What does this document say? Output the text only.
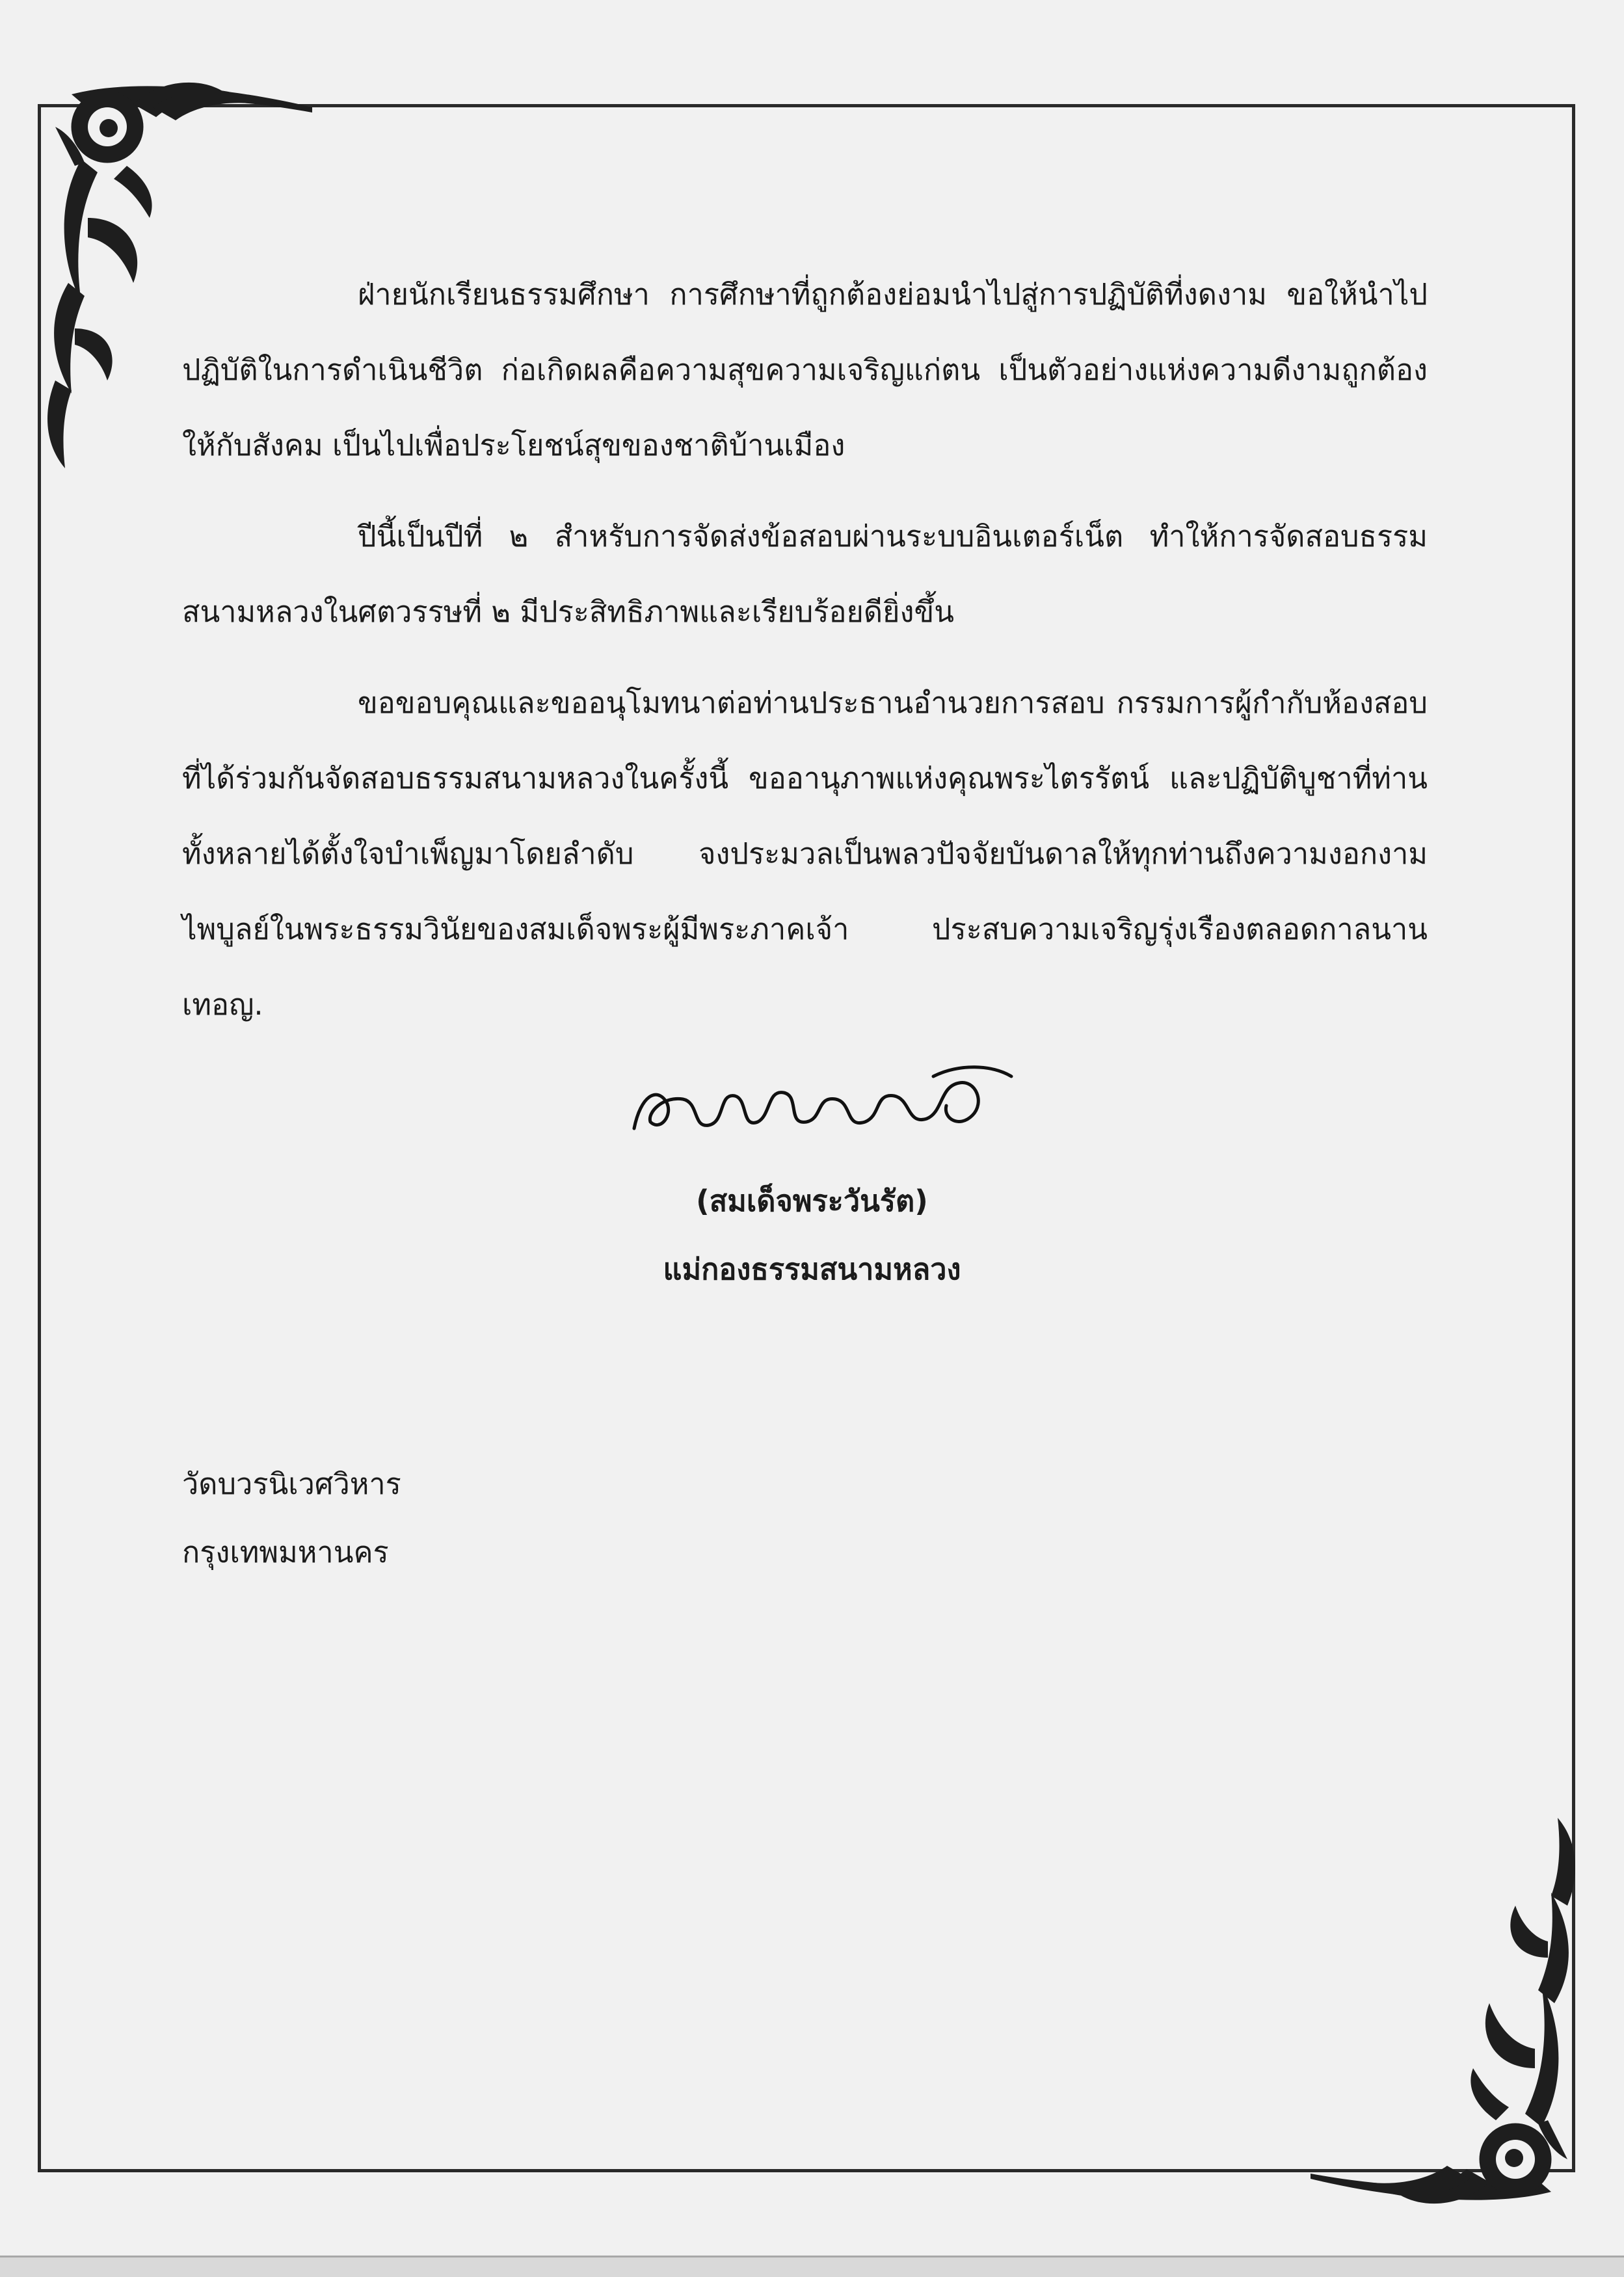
ฝ่ายนักเรียนธรรมศึกษา การศึกษาที่ถูกต้องย่อมนำไปสู่การปฏิบัติที่งดงาม ขอให้นำไปปฏิบัติในการดำเนินชีวิต ก่อเกิดผลคือความสุขความเจริญแก่ตน เป็นตัวอย่างแห่งความดีงามถูกต้องให้กับสังคม เป็นไปเพื่อประโยชน์สุขของชาติบ้านเมือง

ปีนี้เป็นปีที่ ๒ สำหรับการจัดส่งข้อสอบผ่านระบบอินเตอร์เน็ต ทำให้การจัดสอบธรรมสนามหลวงในศตวรรษที่ ๒ มีประสิทธิภาพและเรียบร้อยดียิ่งขึ้น

ขอขอบคุณและขออนุโมทนาต่อท่านประธานอำนวยการสอบ กรรมการผู้กำกับห้องสอบ ที่ได้ร่วมกันจัดสอบธรรมสนามหลวงในครั้งนี้ ขออานุภาพแห่งคุณพระไตรรัตน์ และปฏิบัติบูชาที่ท่านทั้งหลายได้ตั้งใจบำเพ็ญมาโดยลำดับ จงประมวลเป็นพลวปัจจัยบันดาลให้ทุกท่านถึงความงอกงามไพบูลย์ในพระธรรมวินัยของสมเด็จพระผู้มีพระภาคเจ้า ประสบความเจริญรุ่งเรืองตลอดกาลนาน เทอญ.

(สมเด็จพระวันรัต)
แม่กองธรรมสนามหลวง
วัดบวรนิเวศวิหาร
กรุงเทพมหานคร
